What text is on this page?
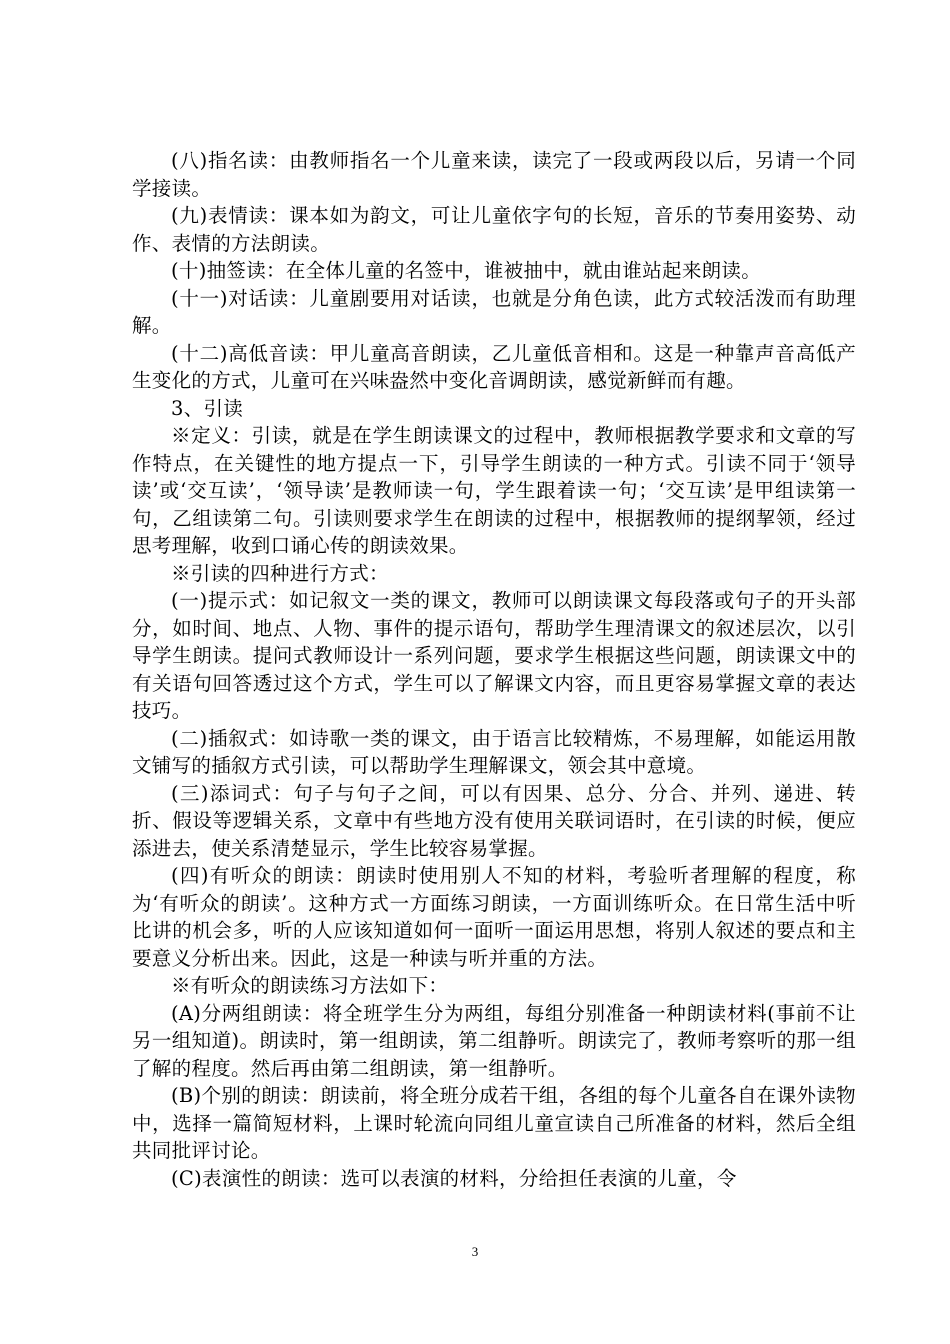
(八)指名读：由教师指名一个儿童来读，读完了一段或两段以后，另请一个同学接读。

(九)表情读：课本如为韵文，可让儿童依字句的长短，音乐的节奏用姿势、动作、表情的方法朗读。

(十)抽签读：在全体儿童的名签中，谁被抽中，就由谁站起来朗读。

(十一)对话读：儿童剧要用对话读，也就是分角色读，此方式较活泼而有助理解。

(十二)高低音读：甲儿童高音朗读，乙儿童低音相和。这是一种靠声音高低产生变化的方式，儿童可在兴味盎然中变化音调朗读，感觉新鲜而有趣。

3、引读

※定义：引读，就是在学生朗读课文的过程中，教师根据教学要求和文章的写作特点，在关键性的地方提点一下，引导学生朗读的一种方式。引读不同于‘领导读’或‘交互读’，‘领导读’是教师读一句，学生跟着读一句；‘交互读’是甲组读第一句，乙组读第二句。引读则要求学生在朗读的过程中，根据教师的提纲挈领，经过思考理解，收到口诵心传的朗读效果。

※引读的四种进行方式：

(一)提示式：如记叙文一类的课文，教师可以朗读课文每段落或句子的开头部分，如时间、地点、人物、事件的提示语句，帮助学生理清课文的叙述层次，以引导学生朗读。提问式教师设计一系列问题，要求学生根据这些问题，朗读课文中的有关语句回答透过这个方式，学生可以了解课文内容，而且更容易掌握文章的表达技巧。

(二)插叙式：如诗歌一类的课文，由于语言比较精炼，不易理解，如能运用散文铺写的插叙方式引读，可以帮助学生理解课文，领会其中意境。

(三)添词式：句子与句子之间，可以有因果、总分、分合、并列、递进、转折、假设等逻辑关系，文章中有些地方没有使用关联词语时，在引读的时候，便应添进去，使关系清楚显示，学生比较容易掌握。

(四)有听众的朗读：朗读时使用别人不知的材料，考验听者理解的程度，称为‘有听众的朗读’。这种方式一方面练习朗读，一方面训练听众。在日常生活中听比讲的机会多，听的人应该知道如何一面听一面运用思想，将别人叙述的要点和主要意义分析出来。因此，这是一种读与听并重的方法。

※有听众的朗读练习方法如下：

(A)分两组朗读：将全班学生分为两组，每组分别准备一种朗读材料(事前不让另一组知道)。朗读时，第一组朗读，第二组静听。朗读完了，教师考察听的那一组了解的程度。然后再由第二组朗读，第一组静听。

(B)个别的朗读：朗读前，将全班分成若干组，各组的每个儿童各自在课外读物中，选择一篇简短材料，上课时轮流向同组儿童宣读自己所准备的材料，然后全组共同批评讨论。

(C)表演性的朗读：选可以表演的材料，分给担任表演的儿童，令

3
